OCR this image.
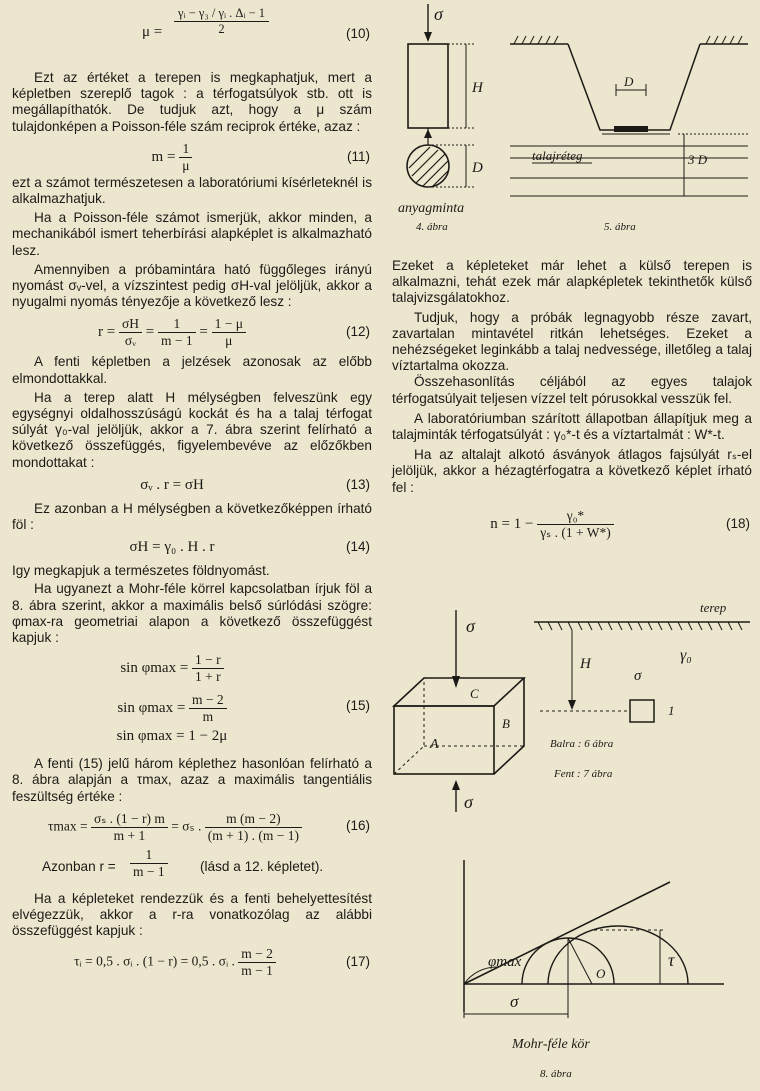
$\mu = \frac{\text{γᵢ − γ₃ / γᵢ . Δᵢ − 1}}{2}$	(10)

Ezt az értéket a terepen is megkaphatjuk, mert a képletben szereplő tagok : a térfogatsúlyok stb. ott is megállapíthatók. De tudjuk azt, hogy a μ szám tulajdonképen a Poisson-féle szám reciprok értéke, azaz :

$m = \frac{1}{\mu}$	(11)

ezt a számot természetesen a laboratóriumi kísérleteknél is alkalmazhatjuk.

Ha a Poisson-féle számot ismerjük, akkor minden, a mechanikából ismert teherbírási alapképlet is alkalmazható lesz.

Amennyiben a próbamintára ható függőleges irányú nyomást σᵥ-vel, a vízszintest pedig σH-val jelöljük, akkor a nyugalmi nyomás tényezője a következő lesz :

$r = \frac{\sigma H}{\text{σᵥ}} = \frac{1}{m - 1} = \frac{1 - \mu}{\mu}$	(12)

A fenti képletben a jelzések azonosak az előbb elmondottakkal.

Ha a terep alatt H mélységben felveszünk egy egységnyi oldalhosszúságú kockát és ha a talaj térfogat súlyát γ₀-val jelöljük, akkor a 7. ábra szerint felírható a következő összefüggés, figyelembevéve az előzőkben mondottakat :

σᵥ . r = σH	(13)

Ez azonban a H mélységben a következőképpen írható föl :

σH = γ₀ . H . r	(14)

Igy megkapjuk a természetes földnyomást.

Ha ugyanezt a Mohr-féle körrel kapcsolatban írjuk föl a 8. ábra szerint, akkor a maximális belső súrlódási szögre: φmax-ra geometriai alapon a következő összefüggést kapjuk :

$\sin \varphi\max = \frac{1 - r}{1 + r}$
$\sin \varphi\max = \frac{m - 2}{m}$	(15)
sin φmax = 1 − 2μ

A fenti (15) jelű három képlethez hasonlóan felírható a 8. ábra alapján a τmax, azaz a maximális tangentiális feszültség értéke :

$\tau\max = \frac{\text{σₛ . (1 − r) m}}{m + 1} = \sigma_s$ . $\frac{m (m - 2)}{(m + 1) . (m - 1)}$	(16)
Azonban $r = \frac{1}{m - 1}$ (lásd a 12. képletet).

Ha a képleteket rendezzük és a fenti behelyettesítést elvégezzük, akkor a r-ra vonatkozólag az alábbi összefüggést kapjuk :

τᵢ = 0,5 . σᵢ . (1 − r) = 0,5 . σᵢ . $\frac{m - 2}{m - 1}$	(17)
σ
H
D
anyagminta
4. ábra
D
talajréteg	3 D
5. ábra

Ezeket a képleteket már lehet a külső terepen is alkalmazni, tehát ezek már alapképletek tekinthetők külső talajvizsgálatokhoz.

Tudjuk, hogy a próbák legnagyobb része zavart, zavartalan mintavétel ritkán lehetséges. Ezeket a nehézségeket leginkább a talaj nedvessége, illetőleg a talaj víztartalma okozza.

Összehasonlítás céljából az egyes talajok térfogatsúlyait teljesen vízzel telt pórusokkal vesszük fel.

A laboratóriumban szárított állapotban állapítjuk meg a talajminták térfogatsúlyát : γ₀*-t és a víztartalmát : W*-t.

Ha az altalajt alkotó ásványok átlagos fajsúlyát rₛ-el jelöljük, akkor a hézagtérfogatra a következő képlet írható fel :

$n = 1 - \frac{\text{γ₀*}}{\text{γₛ . (1 + W*)}}$	(18)
σ
C
A
B
σ
terep
H
σ
1
γ₀
Balra : 6 ábra
Fent : 7 ábra
φmax
O
τ
σ
Mohr-féle kör
8. ábra
